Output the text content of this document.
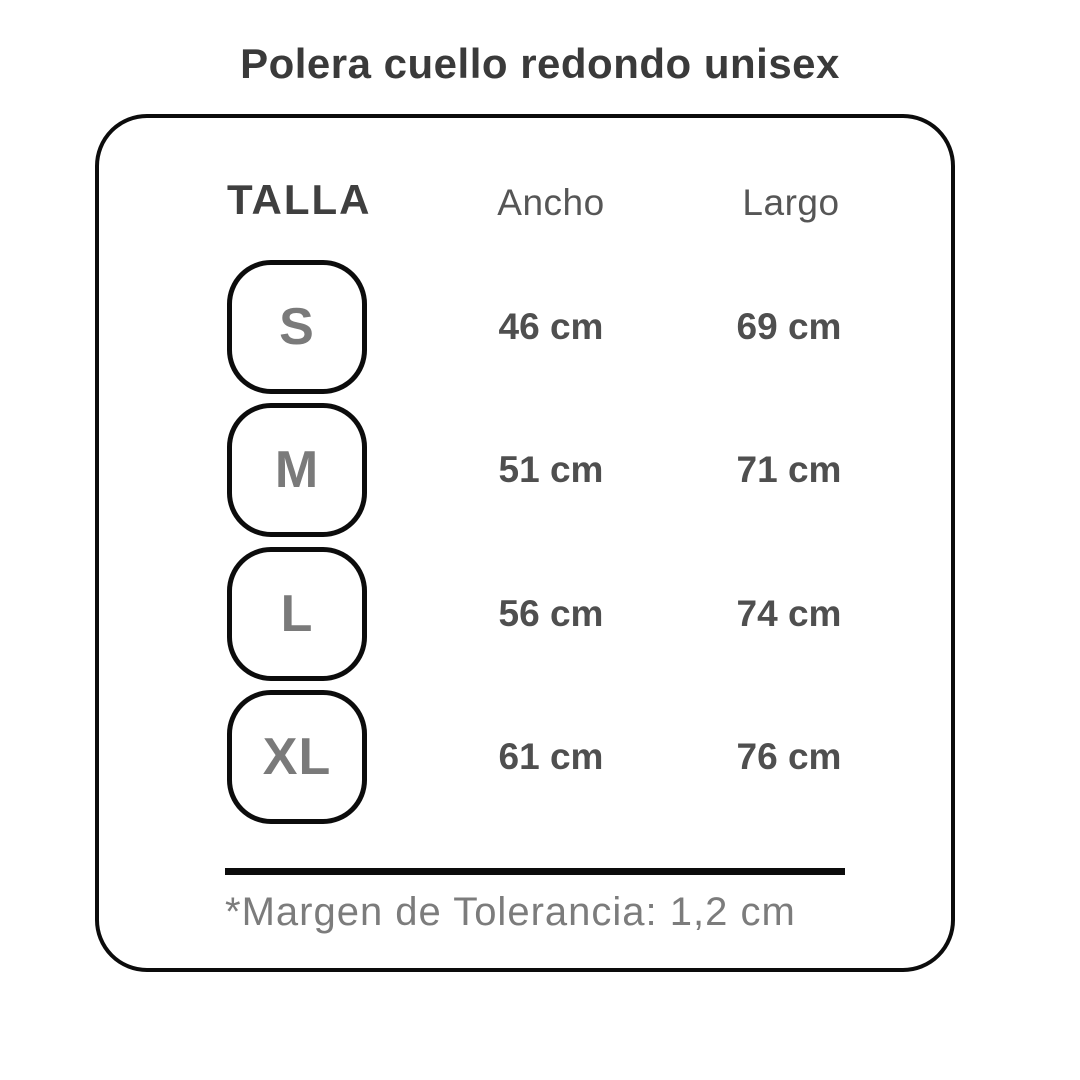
Polera cuello redondo unisex
TALLA	Ancho	Largo
S	46 cm	69 cm
M	51 cm	71 cm
L	56 cm	74 cm
XL	61 cm	76 cm
*Margen de Tolerancia: 1,2 cm
